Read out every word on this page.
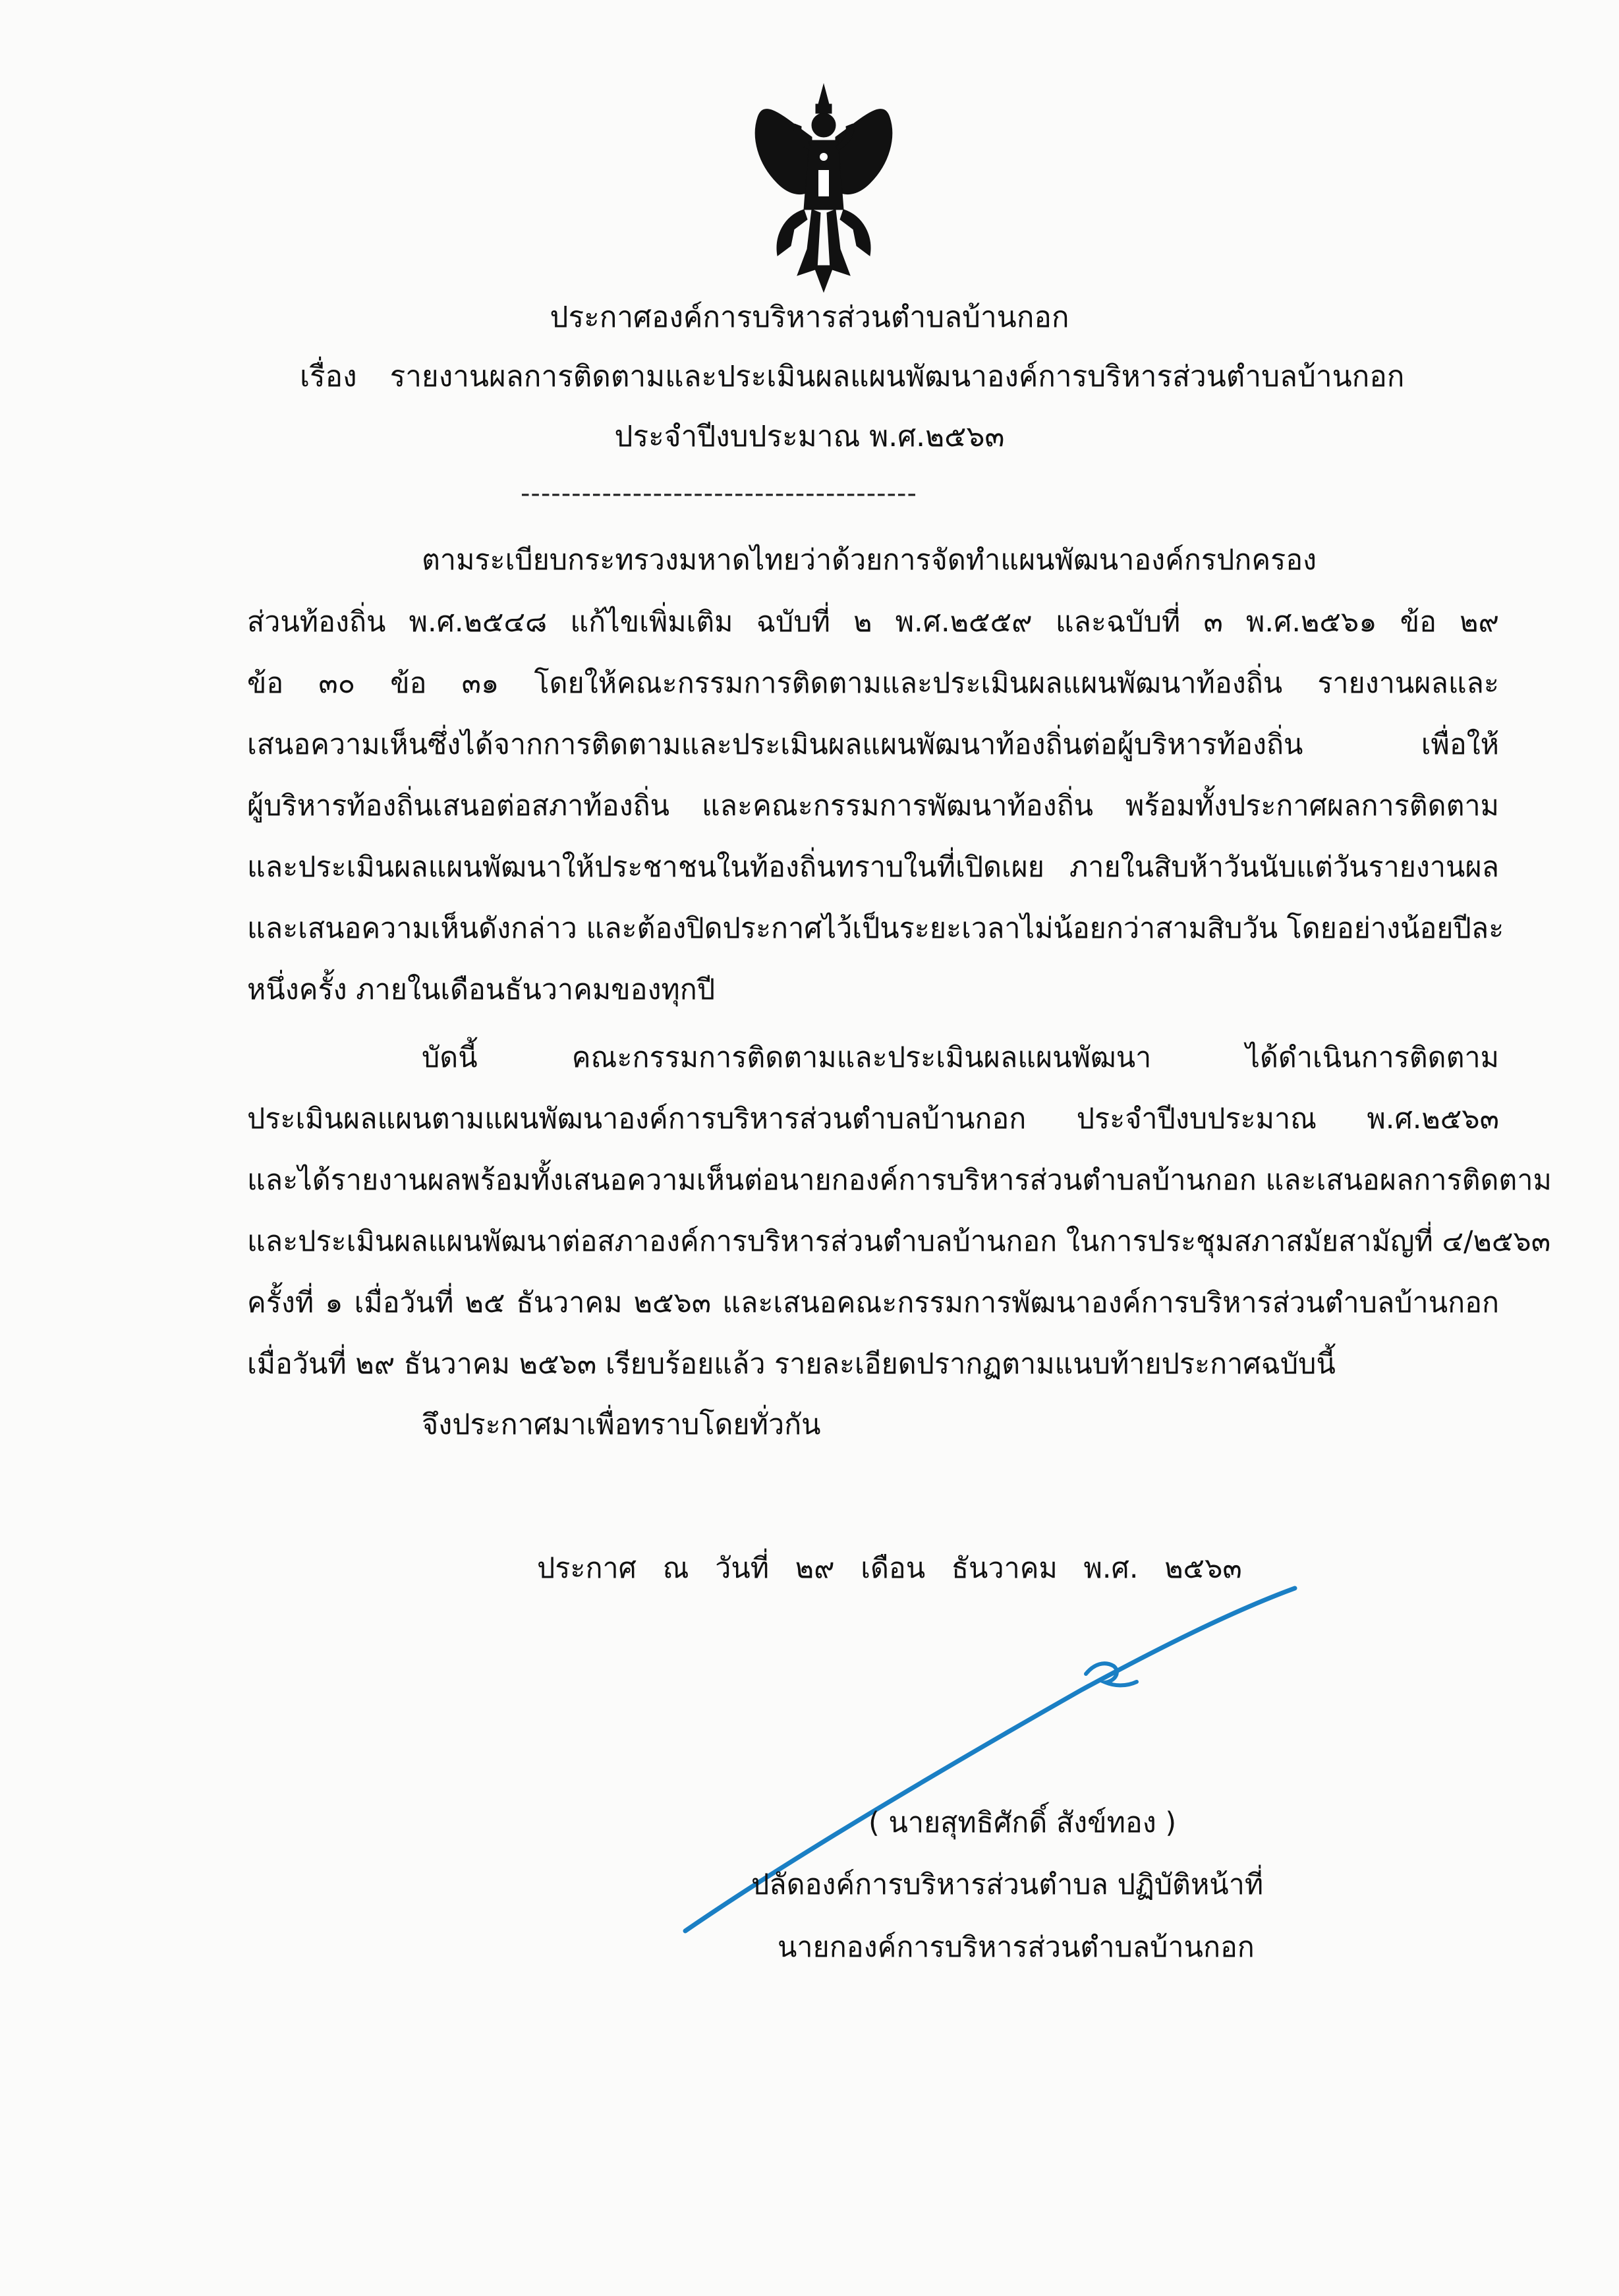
ประกาศองค์การบริหารส่วนตำบลบ้านกอก
เรื่อง รายงานผลการติดตามและประเมินผลแผนพัฒนาองค์การบริหารส่วนตำบลบ้านกอก
ประจำปีงบประมาณ พ.ศ.๒๕๖๓
---------------------------------------
ตามระเบียบกระทรวงมหาดไทยว่าด้วยการจัดทำแผนพัฒนาองค์กรปกครอง
ส่วนท้องถิ่น พ.ศ.๒๕๔๘ แก้ไขเพิ่มเติม ฉบับที่ ๒ พ.ศ.๒๕๕๙ และฉบับที่ ๓ พ.ศ.๒๕๖๑ ข้อ ๒๙
ข้อ ๓๐ ข้อ ๓๑ โดยให้คณะกรรมการติดตามและประเมินผลแผนพัฒนาท้องถิ่น รายงานผลและ
เสนอความเห็นซึ่งได้จากการติดตามและประเมินผลแผนพัฒนาท้องถิ่นต่อผู้บริหารท้องถิ่น เพื่อให้
ผู้บริหารท้องถิ่นเสนอต่อสภาท้องถิ่น และคณะกรรมการพัฒนาท้องถิ่น พร้อมทั้งประกาศผลการติดตาม
และประเมินผลแผนพัฒนาให้ประชาชนในท้องถิ่นทราบในที่เปิดเผย ภายในสิบห้าวันนับแต่วันรายงานผล
และเสนอความเห็นดังกล่าว และต้องปิดประกาศไว้เป็นระยะเวลาไม่น้อยกว่าสามสิบวัน โดยอย่างน้อยปีละ
หนึ่งครั้ง ภายในเดือนธันวาคมของทุกปี
บัดนี้ คณะกรรมการติดตามและประเมินผลแผนพัฒนา ได้ดำเนินการติดตาม
ประเมินผลแผนตามแผนพัฒนาองค์การบริหารส่วนตำบลบ้านกอก ประจำปีงบประมาณ พ.ศ.๒๕๖๓
และได้รายงานผลพร้อมทั้งเสนอความเห็นต่อนายกองค์การบริหารส่วนตำบลบ้านกอก และเสนอผลการติดตาม
และประเมินผลแผนพัฒนาต่อสภาองค์การบริหารส่วนตำบลบ้านกอก ในการประชุมสภาสมัยสามัญที่ ๔/๒๕๖๓
ครั้งที่ ๑ เมื่อวันที่ ๒๕ ธันวาคม ๒๕๖๓ และเสนอคณะกรรมการพัฒนาองค์การบริหารส่วนตำบลบ้านกอก
เมื่อวันที่ ๒๙ ธันวาคม ๒๕๖๓ เรียบร้อยแล้ว รายละเอียดปรากฏตามแนบท้ายประกาศฉบับนี้
จึงประกาศมาเพื่อทราบโดยทั่วกัน
ประกาศ ณ วันที่ ๒๙ เดือน ธันวาคม พ.ศ. ๒๕๖๓
( นายสุทธิศักดิ์ สังข์ทอง )
ปลัดองค์การบริหารส่วนตำบล ปฏิบัติหน้าที่
นายกองค์การบริหารส่วนตำบลบ้านกอก
